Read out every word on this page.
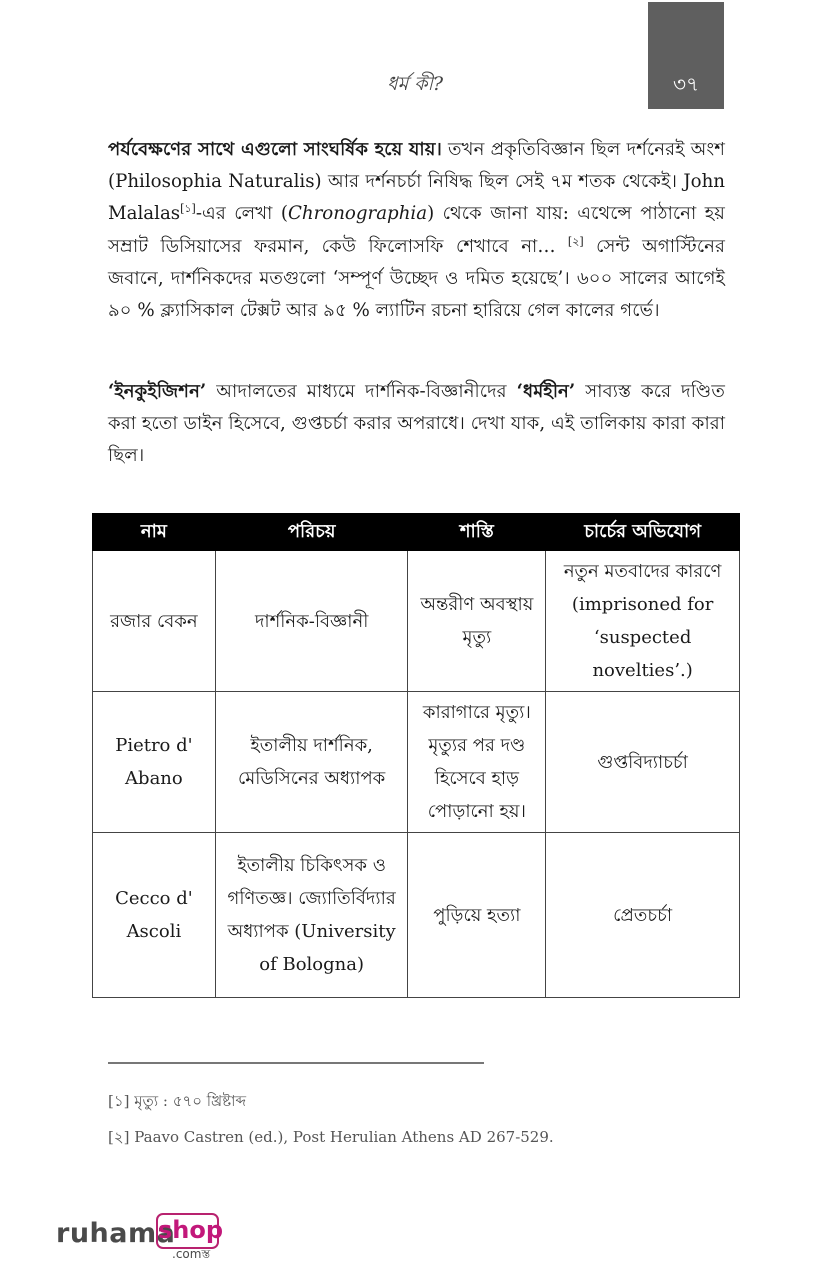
ধর্ম কী?	৩৭

পর্যবেক্ষণের সাথে এগুলো সাংঘর্ষিক হয়ে যায়। তখন প্রকৃতিবিজ্ঞান ছিল দর্শনেরই অংশ (Philosophia Naturalis) আর দর্শনচর্চা নিষিদ্ধ ছিল সেই ৭ম শতক থেকেই। John Malalas[১]-এর লেখা (Chronographia) থেকে জানা যায়: এথেন্সে পাঠানো হয় সম্রাট ডিসিয়াসের ফরমান, কেউ ফিলোসফি শেখাবে না… [২] সেন্ট অগাস্টিনের জবানে, দার্শনিকদের মতগুলো ‘সম্পূর্ণ উচ্ছেদ ও দমিত হয়েছে’। ৬০০ সালের আগেই ৯০ % ক্ল্যাসিকাল টেক্সট আর ৯৫ % ল্যাটিন রচনা হারিয়ে গেল কালের গর্ভে।

‘ইনকুইজিশন’ আদালতের মাধ্যমে দার্শনিক-বিজ্ঞানীদের ‘ধর্মহীন’ সাব্যস্ত করে দণ্ডিত করা হতো ডাইন হিসেবে, গুপ্তচর্চা করার অপরাধে। দেখা যাক, এই তালিকায় কারা কারা ছিল।

নাম	পরিচয়	শাস্তি	চার্চের অভিযোগ
রজার বেকন	দার্শনিক-বিজ্ঞানী	অন্তরীণ অবস্থায় মৃত্যু	নতুন মতবাদের কারণে (imprisoned for ‘suspected novelties’.)
Pietro d' Abano	ইতালীয় দার্শনিক, মেডিসিনের অধ্যাপক	কারাগারে মৃত্যু। মৃত্যুর পর দণ্ড হিসেবে হাড় পোড়ানো হয়।	গুপ্তবিদ্যাচর্চা
Cecco d' Ascoli	ইতালীয় চিকিৎসক ও গণিতজ্ঞ। জ্যোতির্বিদ্যার অধ্যাপক (University of Bologna)	পুড়িয়ে হত্যা	প্রেতচর্চা
[১] মৃত্যু : ৫৭০ খ্রিষ্টাব্দ
[২] Paavo Castren (ed.), Post Herulian Athens AD 267-529.
ruhama
shop
.comস্ত
